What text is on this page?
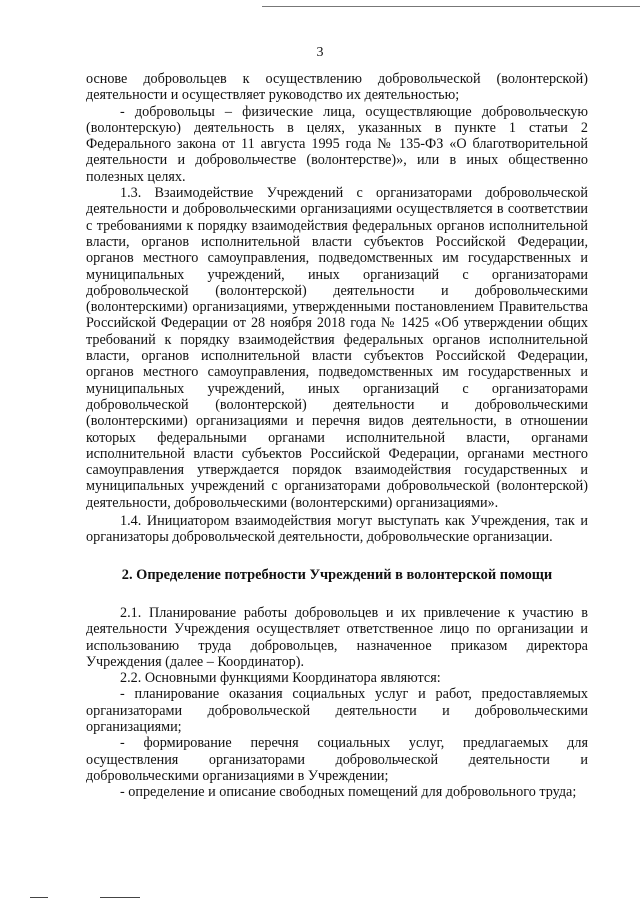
3

основе добровольцев к осуществлению добровольческой (волонтерской) деятельности и осуществляет руководство их деятельностью;

- добровольцы – физические лица, осуществляющие добровольческую (волонтерскую) деятельность в целях, указанных в пункте 1 статьи 2 Федерального закона от 11 августа 1995 года № 135-ФЗ «О благотворительной деятельности и добровольчестве (волонтерстве)», или в иных общественно полезных целях.

1.3. Взаимодействие Учреждений с организаторами добровольческой деятельности и добровольческими организациями осуществляется в соответствии с требованиями к порядку взаимодействия федеральных органов исполнительной власти, органов исполнительной власти субъектов Российской Федерации, органов местного самоуправления, подведомственных им государственных и муниципальных учреждений, иных организаций с организаторами добровольческой (волонтерской) деятельности и добровольческими (волонтерскими) организациями, утвержденными постановлением Правительства Российской Федерации от 28 ноября 2018 года № 1425 «Об утверждении общих требований к порядку взаимодействия федеральных органов исполнительной власти, органов исполнительной власти субъектов Российской Федерации, органов местного самоуправления, подведомственных им государственных и муниципальных учреждений, иных организаций с организаторами добровольческой (волонтерской) деятельности и добровольческими (волонтерскими) организациями и перечня видов деятельности, в отношении которых федеральными органами исполнительной власти, органами исполнительной власти субъектов Российской Федерации, органами местного самоуправления утверждается порядок взаимодействия государственных и муниципальных учреждений с организаторами добровольческой (волонтерской) деятельности, добровольческими (волонтерскими) организациями».

1.4. Инициатором взаимодействия могут выступать как Учреждения, так и организаторы добровольческой деятельности, добровольческие организации.

2. Определение потребности Учреждений в волонтерской помощи

2.1. Планирование работы добровольцев и их привлечение к участию в деятельности Учреждения осуществляет ответственное лицо по организации и использованию труда добровольцев, назначенное приказом директора Учреждения (далее – Координатор).

2.2. Основными функциями Координатора являются:

- планирование оказания социальных услуг и работ, предоставляемых организаторами добровольческой деятельности и добровольческими организациями;

- формирование перечня социальных услуг, предлагаемых для осуществления организаторами добровольческой деятельности и добровольческими организациями в Учреждении;

- определение и описание свободных помещений для добровольного труда;
